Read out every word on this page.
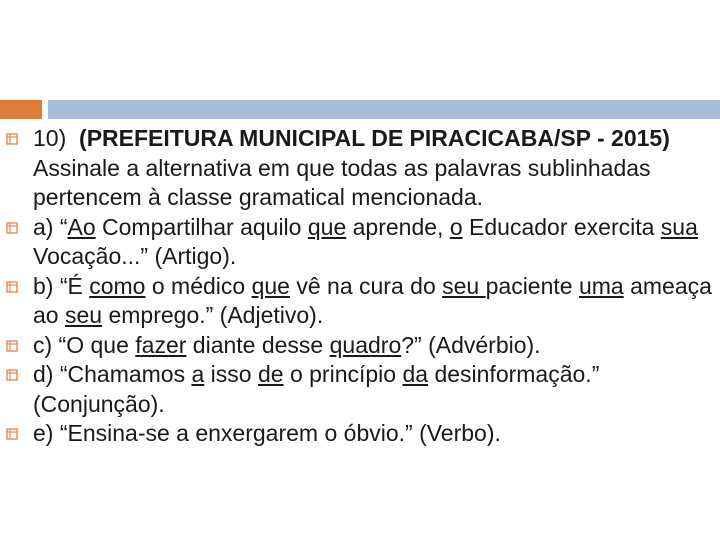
10) (PREFEITURA MUNICIPAL DE PIRACICABA/SP - 2015) Assinale a alternativa em que todas as palavras sublinhadas pertencem à classe gramatical mencionada.
a) “Ao Compartilhar aquilo que aprende, o Educador exercita sua Vocação...” (Artigo).
b) “É como o médico que vê na cura do seu paciente uma ameaça ao seu emprego.” (Adjetivo).
c) “O que fazer diante desse quadro?” (Advérbio).
d) “Chamamos a isso de o princípio da desinformação.” (Conjunção).
e) “Ensina-se a enxergarem o óbvio.” (Verbo).
